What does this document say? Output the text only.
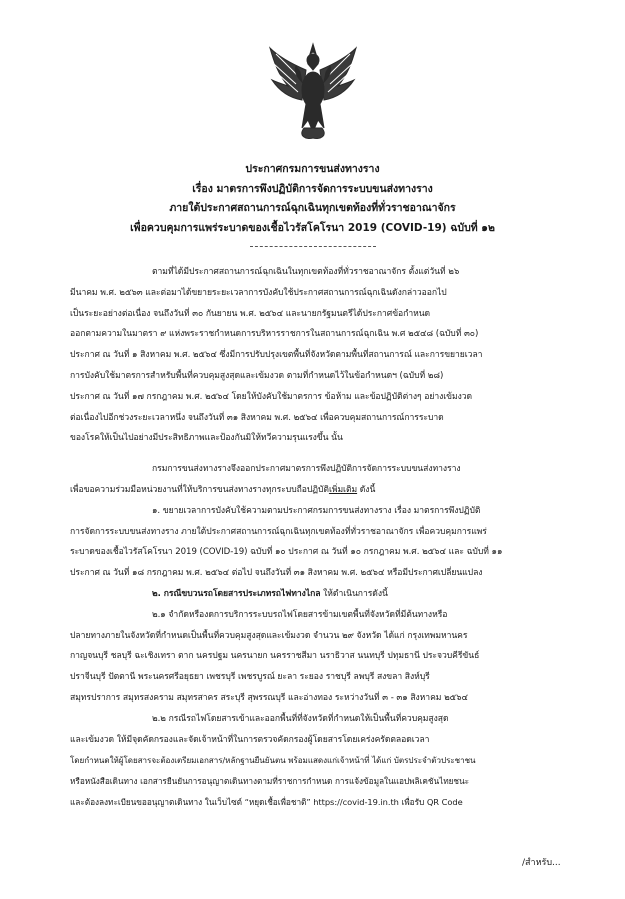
ประกาศกรมการขนส่งทางราง
เรื่อง มาตรการพึงปฏิบัติการจัดการระบบขนส่งทางราง
ภายใต้ประกาศสถานการณ์ฉุกเฉินทุกเขตท้องที่ทั่วราชอาณาจักร
เพื่อควบคุมการแพร่ระบาดของเชื้อไวรัสโคโรนา 2019 (COVID-19) ฉบับที่ ๑๒
ตามที่ได้มีประกาศสถานการณ์ฉุกเฉินในทุกเขตท้องที่ทั่วราชอาณาจักร ตั้งแต่วันที่ ๒๖
มีนาคม พ.ศ. ๒๕๖๓ และต่อมาได้ขยายระยะเวลาการบังคับใช้ประกาศสถานการณ์ฉุกเฉินดังกล่าวออกไป
เป็นระยะอย่างต่อเนื่อง จนถึงวันที่ ๓๐ กันยายน พ.ศ. ๒๕๖๔ และนายกรัฐมนตรีได้ประกาศข้อกำหนด
ออกตามความในมาตรา ๙ แห่งพระราชกำหนดการบริหารราชการในสถานการณ์ฉุกเฉิน พ.ศ ๒๕๔๘ (ฉบับที่ ๓๐)
ประกาศ ณ วันที่ ๑ สิงหาคม พ.ศ. ๒๕๖๔ ซึ่งมีการปรับปรุงเขตพื้นที่จังหวัดตามพื้นที่สถานการณ์ และการขยายเวลา
การบังคับใช้มาตรการสำหรับพื้นที่ควบคุมสูงสุดและเข้มงวด ตามที่กำหนดไว้ในข้อกำหนดฯ (ฉบับที่ ๒๘)
ประกาศ ณ วันที่ ๑๗ กรกฎาคม พ.ศ. ๒๕๖๔ โดยให้บังคับใช้มาตรการ ข้อห้าม และข้อปฏิบัติต่างๆ อย่างเข้มงวด
ต่อเนื่องไปอีกช่วงระยะเวลาหนึ่ง จนถึงวันที่ ๓๑ สิงหาคม พ.ศ. ๒๕๖๔ เพื่อควบคุมสถานการณ์การระบาด
ของโรคให้เป็นไปอย่างมีประสิทธิภาพและป้องกันมิให้ทวีความรุนแรงขึ้น นั้น
กรมการขนส่งทางรางจึงออกประกาศมาตรการพึงปฏิบัติการจัดการระบบขนส่งทางราง
เพื่อขอความร่วมมือหน่วยงานที่ให้บริการขนส่งทางรางทุกระบบถือปฏิบัติเพิ่มเติม ดังนี้
๑. ขยายเวลาการบังคับใช้ความตามประกาศกรมการขนส่งทางราง เรื่อง มาตรการพึงปฏิบัติ
การจัดการระบบขนส่งทางราง ภายใต้ประกาศสถานการณ์ฉุกเฉินทุกเขตท้องที่ทั่วราชอาณาจักร เพื่อควบคุมการแพร่
ระบาดของเชื้อไวรัสโคโรนา 2019 (COVID-19) ฉบับที่ ๑๐ ประกาศ ณ วันที่ ๑๐ กรกฎาคม พ.ศ. ๒๕๖๔ และ ฉบับที่ ๑๑
ประกาศ ณ วันที่ ๑๘ กรกฎาคม พ.ศ. ๒๕๖๔ ต่อไป จนถึงวันที่ ๓๑ สิงหาคม พ.ศ. ๒๕๖๔ หรือมีประกาศเปลี่ยนแปลง
๒. กรณีขบวนรถโดยสารประเภทรถไฟทางไกล ให้ดำเนินการดังนี้
๒.๑ จำกัดหรืองดการบริการระบบรถไฟโดยสารข้ามเขตพื้นที่จังหวัดที่มีต้นทางหรือ
ปลายทางภายในจังหวัดที่กำหนดเป็นพื้นที่ควบคุมสูงสุดและเข้มงวด จำนวน ๒๙ จังหวัด ได้แก่ กรุงเทพมหานคร
กาญจนบุรี ชลบุรี ฉะเชิงเทรา ตาก นครปฐม นครนายก นครราชสีมา นราธิวาส นนทบุรี ปทุมธานี ประจวบคีรีขันธ์
ปราจีนบุรี ปัตตานี พระนครศรีอยุธยา เพชรบุรี เพชรบูรณ์ ยะลา ระยอง ราชบุรี ลพบุรี สงขลา สิงห์บุรี
สมุทรปราการ สมุทรสงคราม สมุทรสาคร สระบุรี สุพรรณบุรี และอ่างทอง ระหว่างวันที่ ๓ - ๓๑ สิงหาคม ๒๕๖๔
๒.๒ กรณีรถไฟโดยสารเข้าและออกพื้นที่ที่จังหวัดที่กำหนดให้เป็นพื้นที่ควบคุมสูงสุด
และเข้มงวด ให้มีจุดคัดกรองและจัดเจ้าหน้าที่ในการตรวจคัดกรองผู้โดยสารโดยเคร่งครัดตลอดเวลา
โดยกำหนดให้ผู้โดยสารจะต้องเตรียมเอกสาร/หลักฐานยืนยันตน พร้อมแสดงแก่เจ้าหน้าที่ ได้แก่ บัตรประจำตัวประชาชน
หรือหนังสือเดินทาง เอกสารยืนยันการอนุญาตเดินทางตามที่ราชการกำหนด การแจ้งข้อมูลในแอปพลิเคชันไทยชนะ
และต้องลงทะเบียนขออนุญาตเดินทาง ในเว็บไซต์ “หยุดเชื้อเพื่อชาติ” https://covid-19.in.th เพื่อรับ QR Code
/สำหรับ...
